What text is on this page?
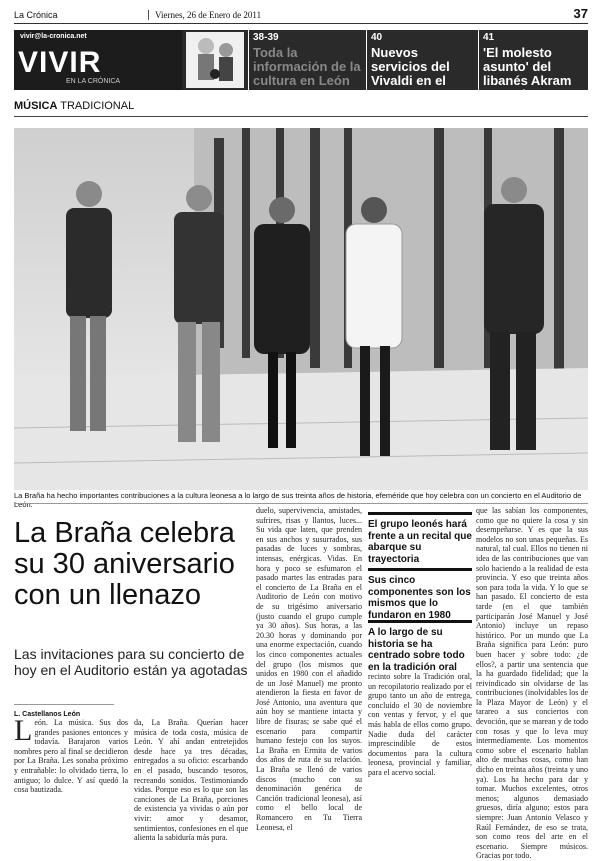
La Crónica	Viernes, 26 de Enero de 2011	37
vivir@la-cronica.net
VIVIR
EN LA CRÓNICA
38-39
Toda la información de la cultura en León
40
Nuevos servicios del Vivaldi en el Musac
41
'El molesto asunto' del libanés Akram Zaatari
MÚSICA TRADICIONAL
La Braña ha hecho importantes contribuciones a la cultura leonesa a lo largo de sus treinta años de historia, efeméride que hoy celebra con un concierto en el Auditorio de León.
La Braña celebra su 30 aniversario con un llenazo
Las invitaciones para su concierto de hoy en el Auditorio están ya agotadas
L. Castellanos León
León. La música. Sus dos grandes pasiones entonces y todavía. Barajaron varios nombres pero al final se decidieron por La Braña. Les sonaba próximo y entrañable: lo olvidado tierra, lo antiguo; lo dulce. Y así quedó la cosa bautizada.
da, La Braña. Querían hacer música de toda costa, música de León. Y ahí andan entretejidos desde hace ya tres décadas, entregados a su oficio: escarbando en el pasado, buscando tesoros, recreando sonidos. Testimoniando vidas. Porque eso es lo que son las canciones de La Braña, porciones de existencia ya vividas o aún por vivir: amor y desamor, sentimientos, confesiones en el que alienta la sabiduría más pura.
duelo, supervivencia, amistades, sufrires, risas y llantos, luces... Su vida que laten, que prenden en sus anchos y susurrados, sus pasadas de luces y sombras, intensas, enérgicas. Vidas. En hora y poco se esfumaron el pasado martes las entradas para el concierto de La Braña en el Auditorio de León con motivo de su trigésimo aniversario (justo cuando el grupo cumple ya 30 años). Sus horas, a las 20.30 horas y dominando por una enorme expectación, cuando los cinco componentes actuales del grupo (los mismos que unidos en 1980 con el añadido de un José Manuel) me pronto atendieron la fiesta en favor de José Antonio, una aventura que aún hoy se mantiene intacta y libre de fisuras; se sabe qué el escenario para compartir humano festejo con los suyos. La Braña en Ermita de varios dos años de ruta de su relación. La Braña se llenó de varios discos (mucho con su denominación genérica de Canción tradicional leonesa), así como el bello local de Romancero en Tu Tierra Leonesa, el
El grupo leonés hará frente a un recital que abarque su trayectoria
Sus cinco componentes son los mismos que lo fundaron en 1980
A lo largo de su historia se ha centrado sobre todo en la tradición oral
recinto sobre la Tradición oral, un recopilatorio realizado por el grupo tanto un año de entrega, concluido el 30 de noviembre con ventas y fervor, y el que más habla de ellos como grupo. Nadie duda del carácter imprescindible de estos documentos para la cultura leonesa, provincial y familiar, para el acervo social.
que las sabían los componentes, como que no quiere la cosa y sin desempeñarse. Y es que la sus modelos no son unas pequeñas. Es natural, tal cual. Ellos no tienen ni idea de las contribuciones que van solo haciendo a la realidad de esta provincia. Y eso que treinta años son para toda la vida. Y lo que se han pasado. El concierto de esta tarde (en el que también participarán José Manuel y José Antonio) incluye un repaso histórico. Por un mundo que La Braña significa para León: puro buen hacer y sobre todo: ¿de ellos?, a partir una sentencia que la ha guardado fidelidad; que la reivindicado sin olvidarse de las contribuciones (inolvidables los de la Plaza Mayor de León) y el tarareo a sus conciertos con devoción, que se marean y de todo con rosas y que lo leva muy intermediamente. Los momentos como sobre el escenario hablan alto de muchas cosas, como han dicho en treinta años (treinta y uno ya). Los ha hecho para dar y tomar. Muchos excelentes, otros menos; algunos demasiado gruesos, diría alguno; estos para siempre: Juan Antonio Velasco y Raúl Fernández, de eso se trata, son como reos del arte en el escenario. Siempre músicos. Gracias por todo.
